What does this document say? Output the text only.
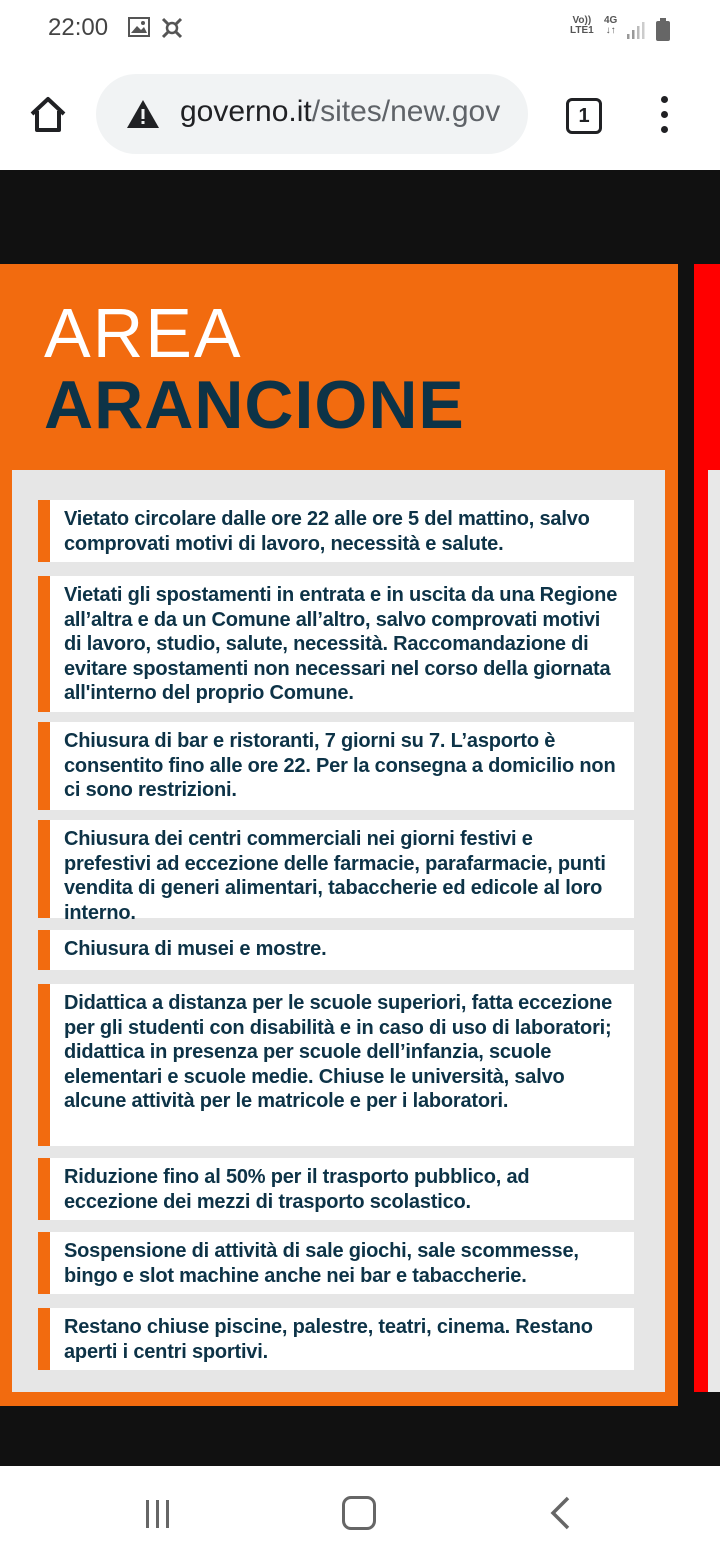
22:00	Vo))
LTE1
4G
↓↑
governo.it/sites/new.gov	1
AREA
ARANCIONE
Vietato circolare dalle ore 22 alle ore 5 del mattino, salvo comprovati motivi di lavoro, necessità e salute.
Vietati gli spostamenti in entrata e in uscita da una Regione all’altra e da un Comune all’altro, salvo comprovati motivi di lavoro, studio, salute, necessità. Raccomandazione di evitare spostamenti non necessari nel corso della giornata all'interno del proprio Comune.
Chiusura di bar e ristoranti, 7 giorni su 7. L’asporto è consentito fino alle ore 22. Per la consegna a domicilio non ci sono restrizioni.
Chiusura dei centri commerciali nei giorni festivi e prefestivi ad eccezione delle farmacie, parafarmacie, punti vendita di generi alimentari, tabaccherie ed edicole al loro interno.
Chiusura di musei e mostre.
Didattica a distanza per le scuole superiori, fatta eccezione per gli studenti con disabilità e in caso di uso di laboratori; didattica in presenza per scuole dell’infanzia, scuole elementari e scuole medie. Chiuse le università, salvo alcune attività per le matricole e per i laboratori.
Riduzione fino al 50% per il trasporto pubblico, ad eccezione dei mezzi di trasporto scolastico.
Sospensione di attività di sale giochi, sale scommesse, bingo e slot machine anche nei bar e tabaccherie.
Restano chiuse piscine, palestre, teatri, cinema. Restano aperti i centri sportivi.
